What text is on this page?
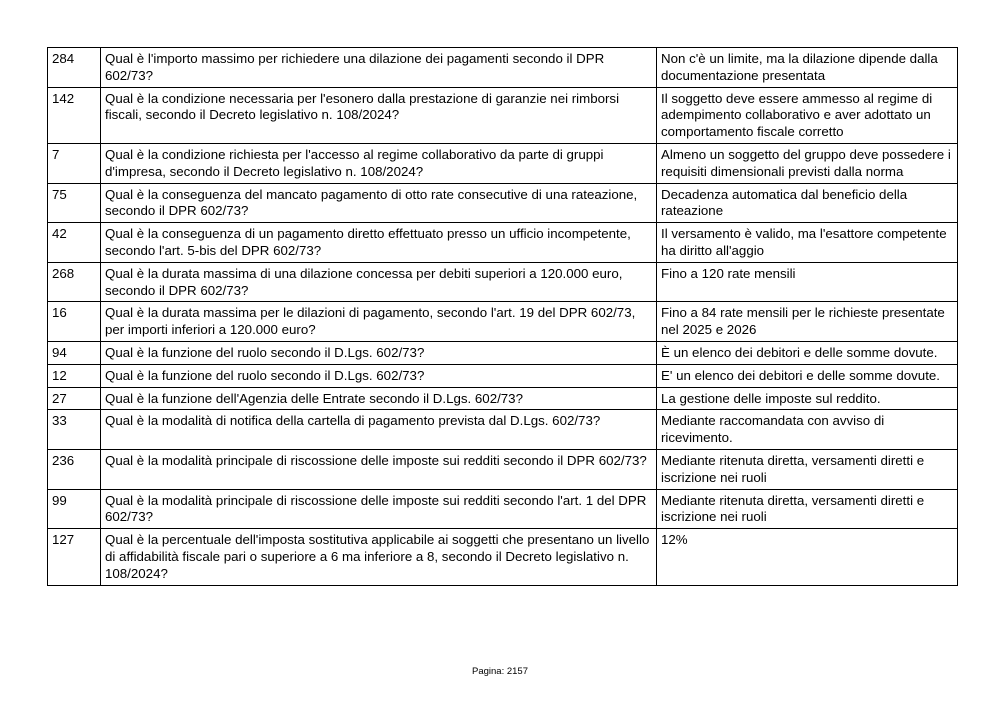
284	Qual è l'importo massimo per richiedere una dilazione dei pagamenti secondo il DPR 602/73?	Non c'è un limite, ma la dilazione dipende dalla documentazione presentata
142	Qual è la condizione necessaria per l'esonero dalla prestazione di garanzie nei rimborsi fiscali, secondo il Decreto legislativo n. 108/2024?	Il soggetto deve essere ammesso al regime di adempimento collaborativo e aver adottato un comportamento fiscale corretto
7	Qual è la condizione richiesta per l'accesso al regime collaborativo da parte di gruppi d'impresa, secondo il Decreto legislativo n. 108/2024?	Almeno un soggetto del gruppo deve possedere i requisiti dimensionali previsti dalla norma
75	Qual è la conseguenza del mancato pagamento di otto rate consecutive di una rateazione, secondo il DPR 602/73?	Decadenza automatica dal beneficio della rateazione
42	Qual è la conseguenza di un pagamento diretto effettuato presso un ufficio incompetente, secondo l'art. 5-bis del DPR 602/73?	Il versamento è valido, ma l'esattore competente ha diritto all'aggio
268	Qual è la durata massima di una dilazione concessa per debiti superiori a 120.000 euro, secondo il DPR 602/73?	Fino a 120 rate mensili
16	Qual è la durata massima per le dilazioni di pagamento, secondo l'art. 19 del DPR 602/73, per importi inferiori a 120.000 euro?	Fino a 84 rate mensili per le richieste presentate nel 2025 e 2026
94	Qual è la funzione del ruolo secondo il D.Lgs. 602/73?	È un elenco dei debitori e delle somme dovute.
12	Qual è la funzione del ruolo secondo il D.Lgs. 602/73?	E' un elenco dei debitori e delle somme dovute.
27	Qual è la funzione dell'Agenzia delle Entrate secondo il D.Lgs. 602/73?	La gestione delle imposte sul reddito.
33	Qual è la modalità di notifica della cartella di pagamento prevista dal D.Lgs. 602/73?	Mediante raccomandata con avviso di ricevimento.
236	Qual è la modalità principale di riscossione delle imposte sui redditi secondo il DPR 602/73?	Mediante ritenuta diretta, versamenti diretti e iscrizione nei ruoli
99	Qual è la modalità principale di riscossione delle imposte sui redditi secondo l'art. 1 del DPR 602/73?	Mediante ritenuta diretta, versamenti diretti e iscrizione nei ruoli
127	Qual è la percentuale dell'imposta sostitutiva applicabile ai soggetti che presentano un livello di affidabilità fiscale pari o superiore a 6 ma inferiore a 8, secondo il Decreto legislativo n. 108/2024?	12%
Pagina: 2157
